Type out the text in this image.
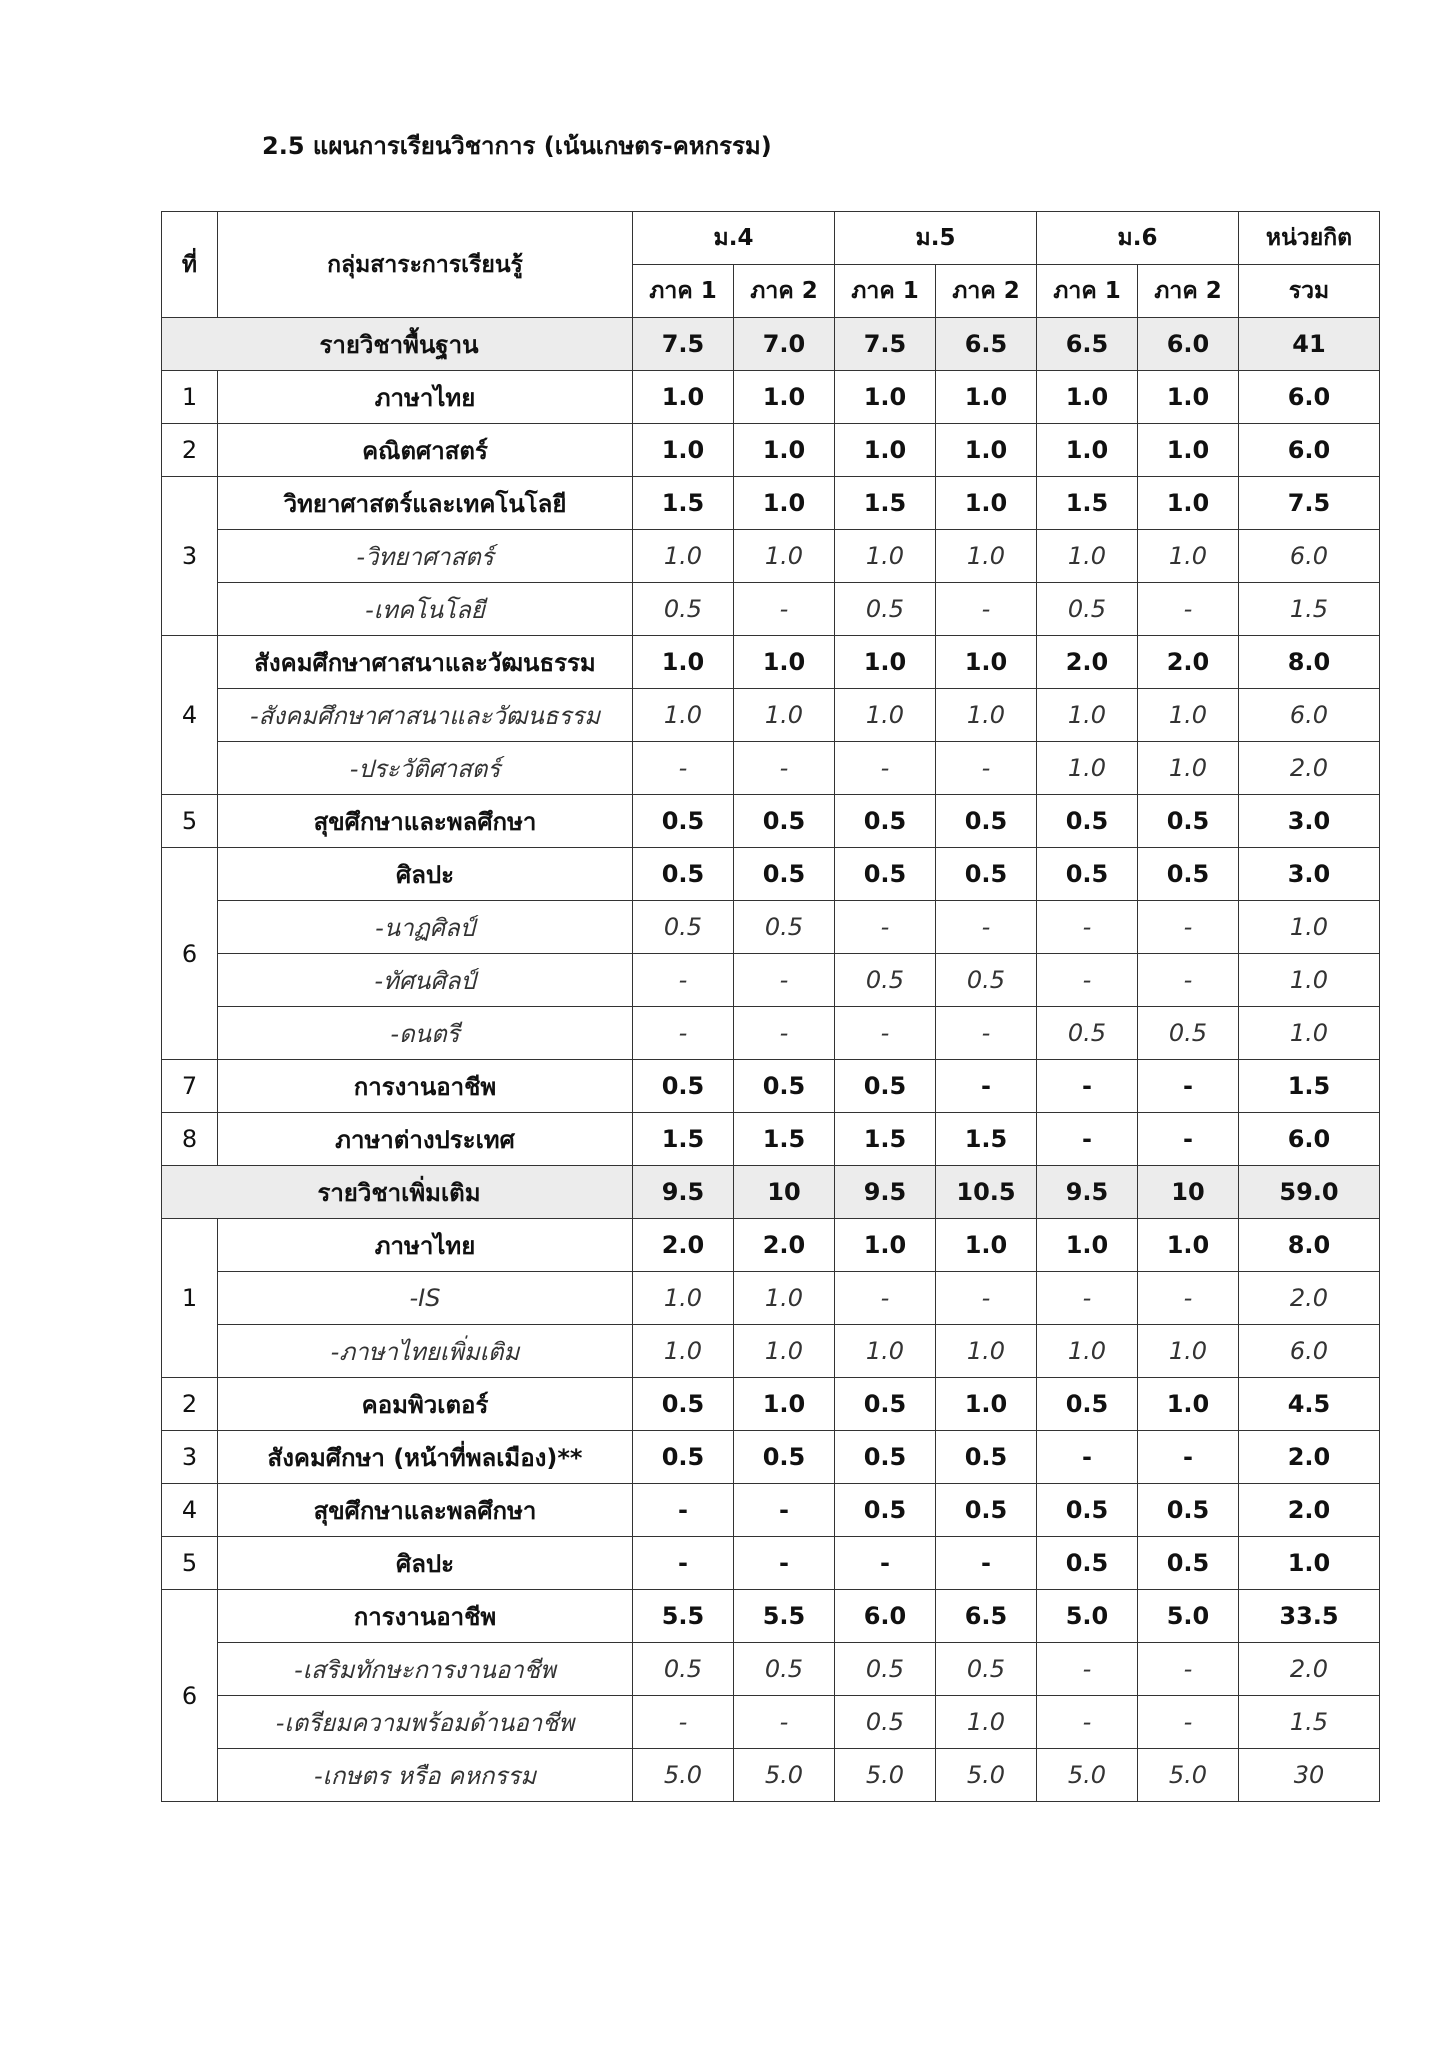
2.5 แผนการเรียนวิชาการ (เน้นเกษตร-คหกรรม)
ที่	กลุ่มสาระการเรียนรู้	ม.4		ม.5		ม.6		หน่วยกิต
		ภาค 1	ภาค 2	ภาค 1	ภาค 2	ภาค 1	ภาค 2	รวม
รายวิชาพื้นฐาน		7.5	7.0	7.5	6.5	6.5	6.0	41
1	ภาษาไทย	1.0	1.0	1.0	1.0	1.0	1.0	6.0
2	คณิตศาสตร์	1.0	1.0	1.0	1.0	1.0	1.0	6.0
3	วิทยาศาสตร์และเทคโนโลยี	1.5	1.0	1.5	1.0	1.5	1.0	7.5
	-วิทยาศาสตร์	1.0	1.0	1.0	1.0	1.0	1.0	6.0
	-เทคโนโลยี	0.5	-	0.5	-	0.5	-	1.5
4	สังคมศึกษาศาสนาและวัฒนธรรม	1.0	1.0	1.0	1.0	2.0	2.0	8.0
	-สังคมศึกษาศาสนาและวัฒนธรรม	1.0	1.0	1.0	1.0	1.0	1.0	6.0
	-ประวัติศาสตร์	-	-	-	-	1.0	1.0	2.0
5	สุขศึกษาและพลศึกษา	0.5	0.5	0.5	0.5	0.5	0.5	3.0
6	ศิลปะ	0.5	0.5	0.5	0.5	0.5	0.5	3.0
	-นาฏศิลป์	0.5	0.5	-	-	-	-	1.0
	-ทัศนศิลป์	-	-	0.5	0.5	-	-	1.0
	-ดนตรี	-	-	-	-	0.5	0.5	1.0
7	การงานอาชีพ	0.5	0.5	0.5	-	-	-	1.5
8	ภาษาต่างประเทศ	1.5	1.5	1.5	1.5	-	-	6.0
รายวิชาเพิ่มเติม		9.5	10	9.5	10.5	9.5	10	59.0
1	ภาษาไทย	2.0	2.0	1.0	1.0	1.0	1.0	8.0
	-IS	1.0	1.0	-	-	-	-	2.0
	-ภาษาไทยเพิ่มเติม	1.0	1.0	1.0	1.0	1.0	1.0	6.0
2	คอมพิวเตอร์	0.5	1.0	0.5	1.0	0.5	1.0	4.5
3	สังคมศึกษา (หน้าที่พลเมือง)**	0.5	0.5	0.5	0.5	-	-	2.0
4	สุขศึกษาและพลศึกษา	-	-	0.5	0.5	0.5	0.5	2.0
5	ศิลปะ	-	-	-	-	0.5	0.5	1.0
6	การงานอาชีพ	5.5	5.5	6.0	6.5	5.0	5.0	33.5
	-เสริมทักษะการงานอาชีพ	0.5	0.5	0.5	0.5	-	-	2.0
	-เตรียมความพร้อมด้านอาชีพ	-	-	0.5	1.0	-	-	1.5
	-เกษตร หรือ คหกรรม	5.0	5.0	5.0	5.0	5.0	5.0	30
